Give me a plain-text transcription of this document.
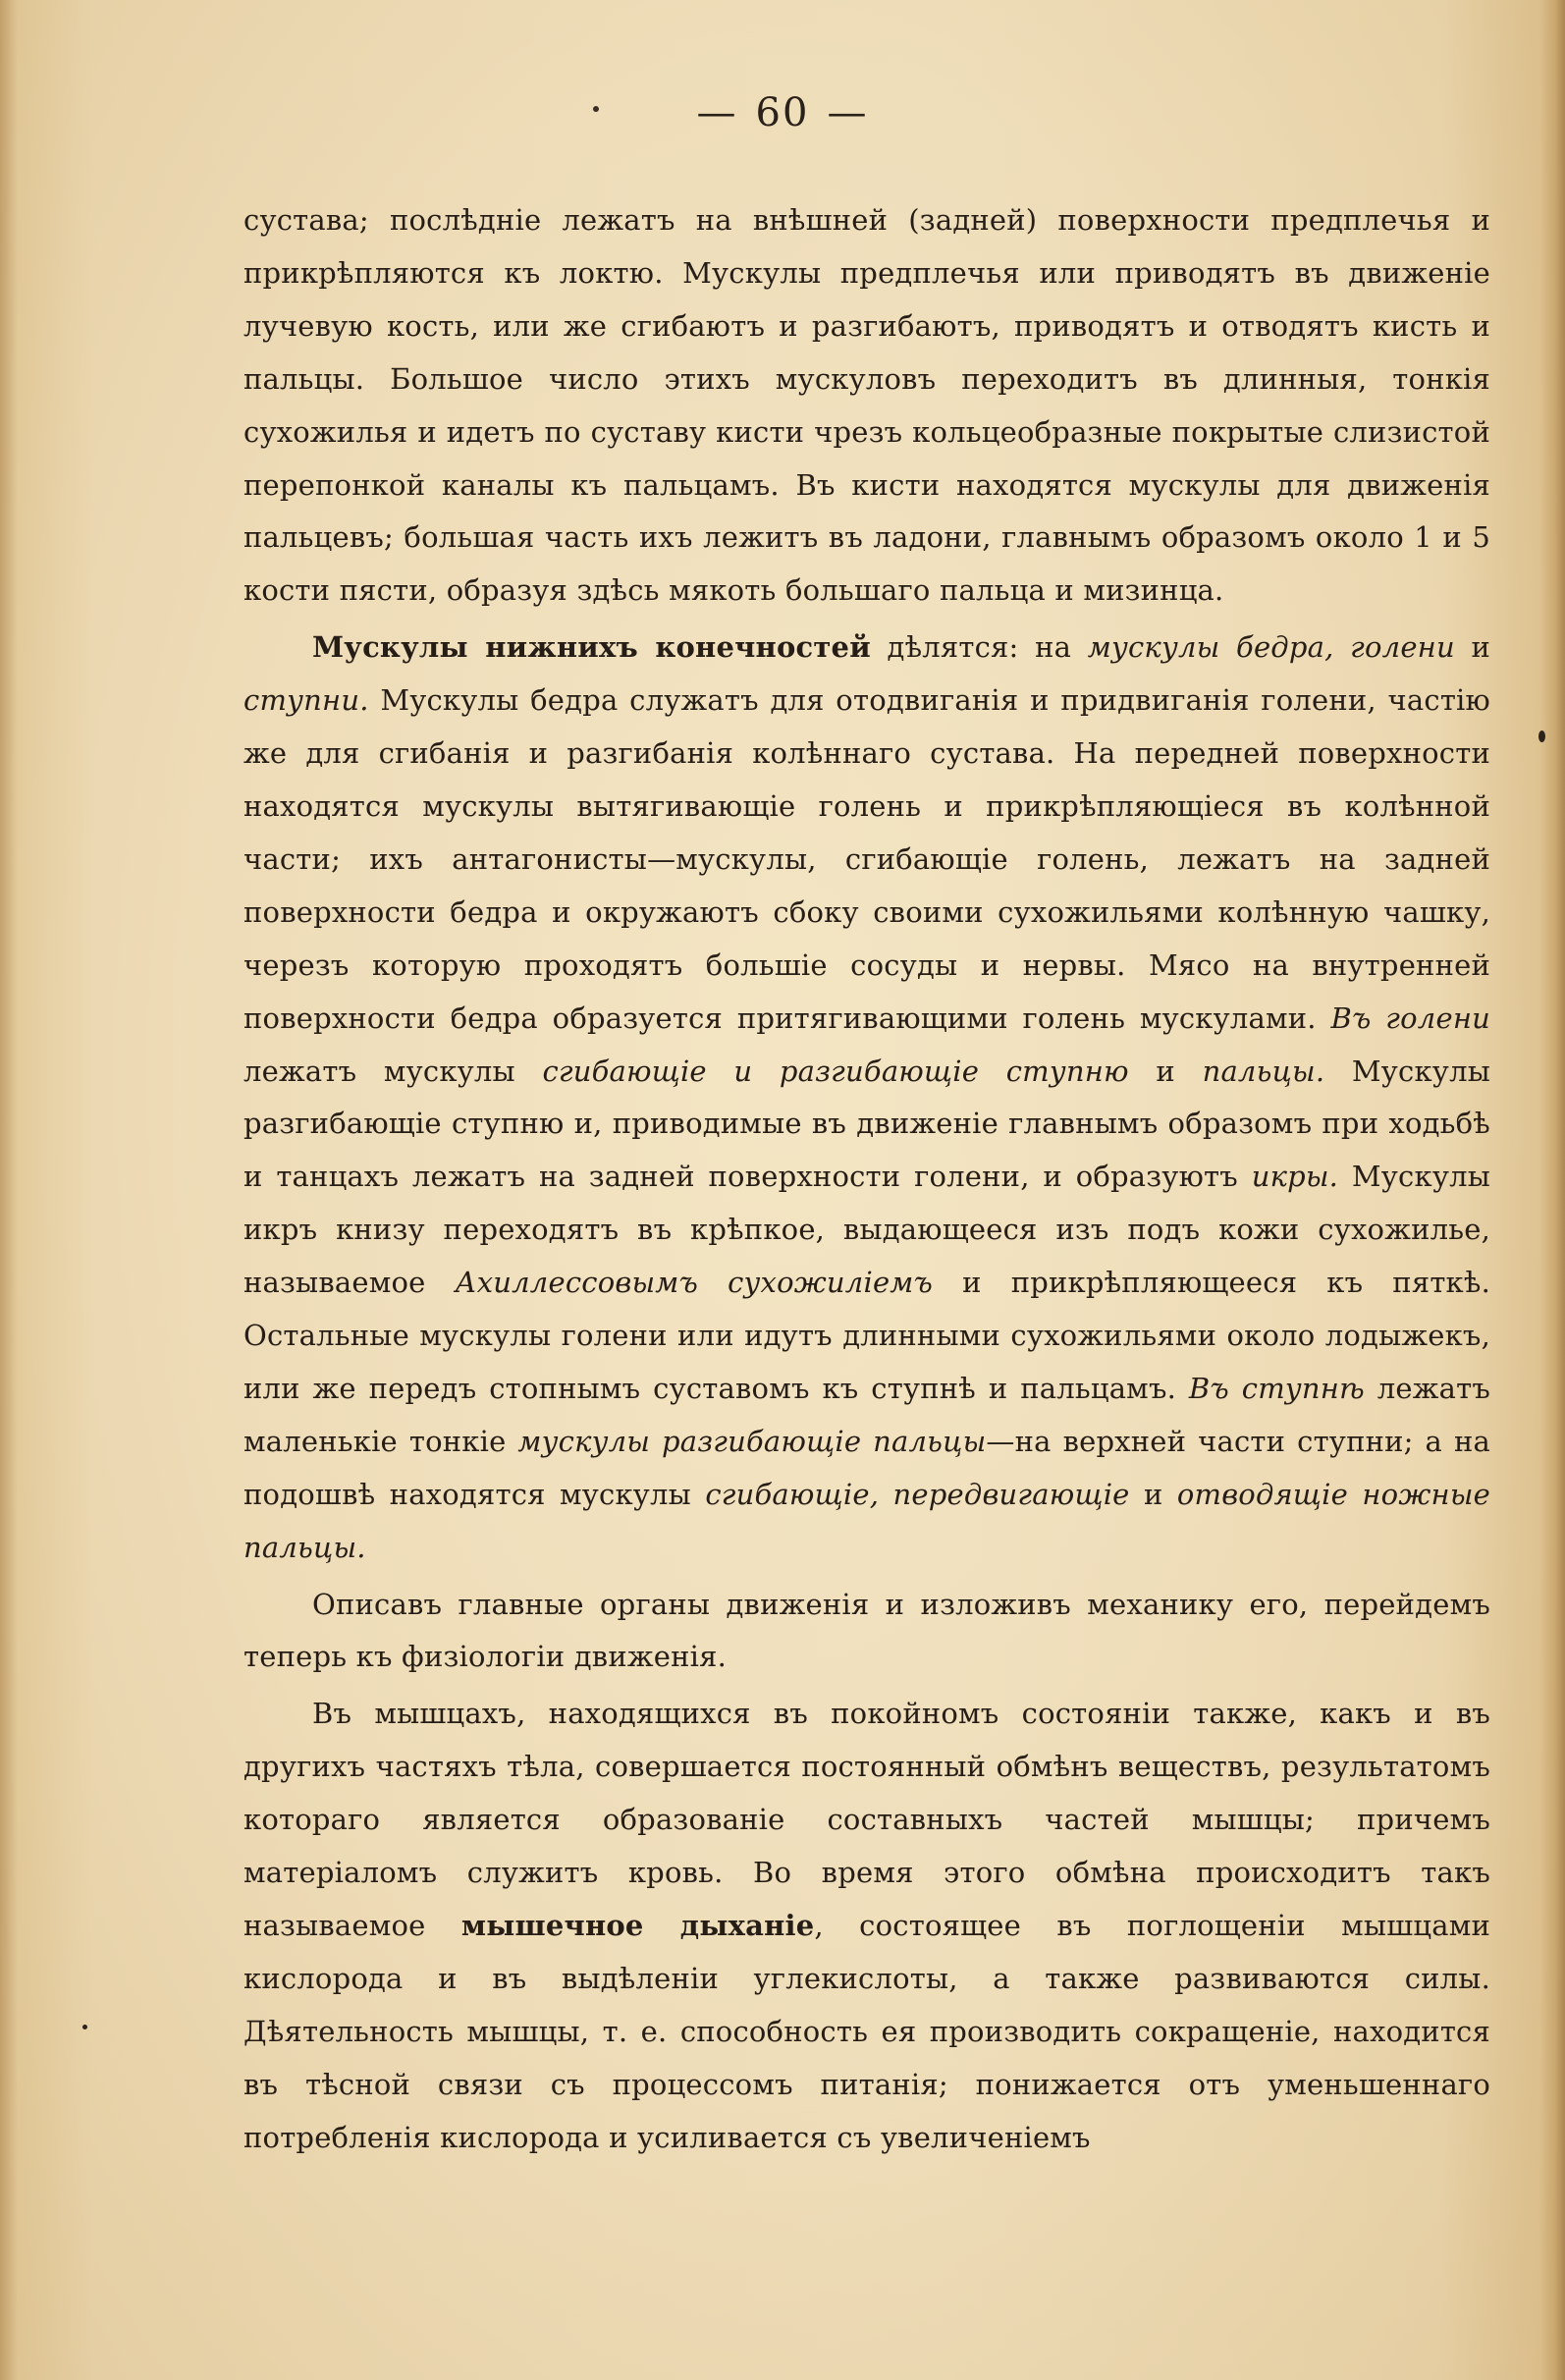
— 60 —

сустава; послѣдніе лежатъ на внѣшней (задней) поверхности предплечья и прикрѣпляются къ локтю. Мускулы предплечья или приводятъ въ движеніе лучевую кость, или же сгибаютъ и разгибаютъ, приводятъ и отводятъ кисть и пальцы. Большое число этихъ мускуловъ переходитъ въ длинныя, тонкія сухожилья и идетъ по суставу кисти чрезъ кольцеобразные покрытые слизистой перепонкой каналы къ пальцамъ. Въ кисти находятся мускулы для движенія пальцевъ; большая часть ихъ лежитъ въ ладони, главнымъ образомъ около 1 и 5 кости пясти, образуя здѣсь мякоть большаго пальца и мизинца.

Мускулы нижнихъ конечностей дѣлятся: на мускулы бедра, голени и ступни. Мускулы бедра служатъ для отодвиганія и придвиганія голени, частію же для сгибанія и разгибанія колѣннаго сустава. На передней поверхности находятся мускулы вытягивающіе голень и прикрѣпляющіеся въ колѣнной части; ихъ антагонисты—мускулы, сгибающіе голень, лежатъ на задней поверхности бедра и окружаютъ сбоку своими сухожильями колѣнную чашку, черезъ которую проходятъ большіе сосуды и нервы. Мясо на внутренней поверхности бедра образуется притягивающими голень мускулами. Въ голени лежатъ мускулы сгибающіе и разгибающіе ступню и пальцы. Мускулы разгибающіе ступню и, приводимые въ движеніе главнымъ образомъ при ходьбѣ и танцахъ лежатъ на задней поверхности голени, и образуютъ икры. Мускулы икръ книзу переходятъ въ крѣпкое, выдающееся изъ подъ кожи сухожилье, называемое Ахиллессовымъ сухожиліемъ и прикрѣпляющееся къ пяткѣ. Остальные мускулы голени или идутъ длинными сухожильями около лодыжекъ, или же передъ стопнымъ суставомъ къ ступнѣ и пальцамъ. Въ ступнѣ лежатъ маленькіе тонкіе мускулы разгибающіе пальцы—на верхней части ступни; а на подошвѣ находятся мускулы сгибающіе, передвигающіе и отводящіе ножные пальцы.

Описавъ главные органы движенія и изложивъ механику его, перейдемъ теперь къ физіологіи движенія.

Въ мышцахъ, находящихся въ покойномъ состояніи также, какъ и въ другихъ частяхъ тѣла, совершается постоянный обмѣнъ веществъ, результатомъ котораго является образованіе составныхъ частей мышцы; причемъ матеріаломъ служитъ кровь. Во время этого обмѣна происходитъ такъ называемое мышечное дыханіе, состоящее въ поглощеніи мышцами кислорода и въ выдѣленіи углекислоты, а также развиваются силы. Дѣятельность мышцы, т. е. способность ея производить сокращеніе, находится въ тѣсной связи съ процессомъ питанія; понижается отъ уменьшеннаго потребленія кислорода и усиливается съ увеличеніемъ
